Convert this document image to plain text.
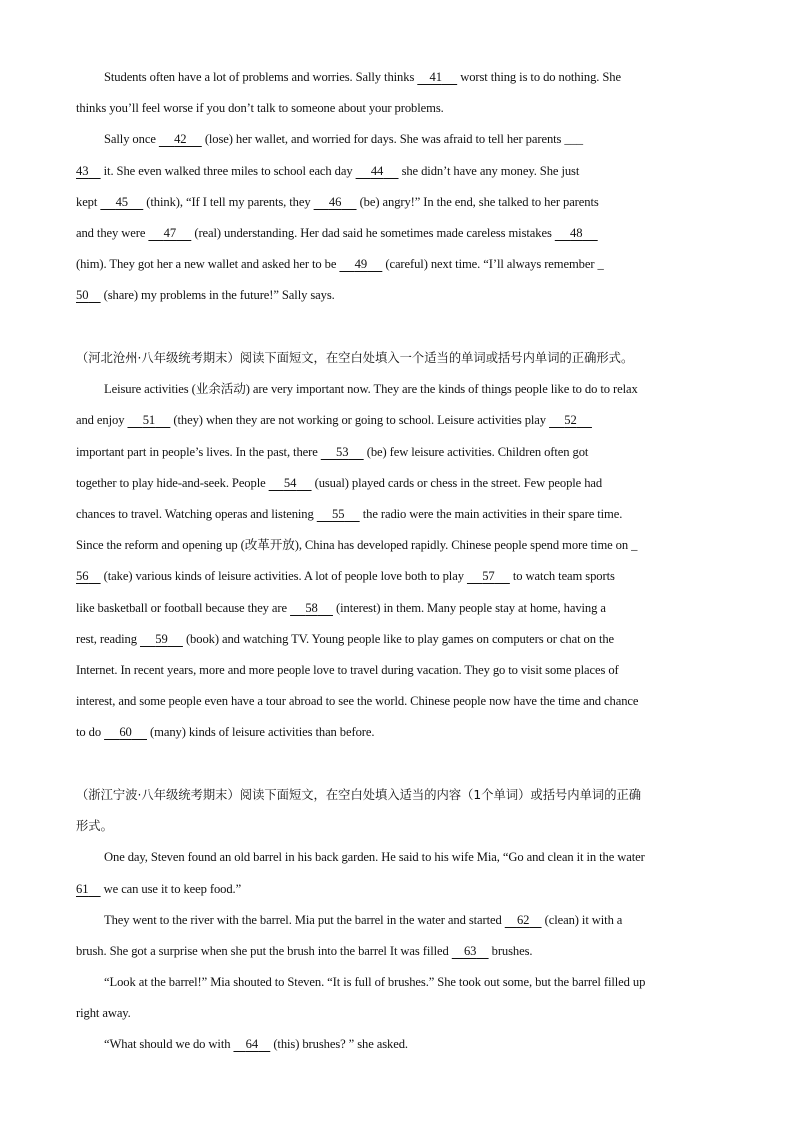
Students often have a lot of problems and worries. Sally thinks     41      worst thing is to do nothing. She
thinks you’ll feel worse if you don’t talk to someone about your problems.
Sally once      42      (lose) her wallet, and worried for days. She was afraid to tell her parents ___
43     it. She even walked three miles to school each day      44      she didn’t have any money. She just
kept      45      (think), “If I tell my parents, they      46      (be) angry!” In the end, she talked to her parents
and they were      47      (real) understanding. Her dad said he sometimes made careless mistakes      48
(him). They got her a new wallet and asked her to be      49      (careful) next time. “I’ll always remember _
50     (share) my problems in the future!” Sally says.
（河北沧州·八年级统考期末）阅读下面短文，在空白处填入一个适当的单词或括号内单词的正确形式。
Leisure activities (业余活动) are very important now. They are the kinds of things people like to do to relax
and enjoy      51      (they) when they are not working or going to school. Leisure activities play      52
important part in people’s lives. In the past, there      53      (be) few leisure activities. Children often got
together to play hide-and-seek. People      54      (usual) played cards or chess in the street. Few people had
chances to travel. Watching operas and listening      55      the radio were the main activities in their spare time.
Since the reform and opening up (改革开放), China has developed rapidly. Chinese people spend more time on _
56     (take) various kinds of leisure activities. A lot of people love both to play      57      to watch team sports
like basketball or football because they are      58      (interest) in them. Many people stay at home, having a
rest, reading      59      (book) and watching TV. Young people like to play games on computers or chat on the
Internet. In recent years, more and more people love to travel during vacation. They go to visit some places of
interest, and some people even have a tour abroad to see the world. Chinese people now have the time and chance
to do      60      (many) kinds of leisure activities than before.
（浙江宁波·八年级统考期末）阅读下面短文，在空白处填入适当的内容（1个单词）或括号内单词的正确
形式。
One day, Steven found an old barrel in his back garden. He said to his wife Mia, “Go and clean it in the water
61     we can use it to keep food.”
They went to the river with the barrel. Mia put the barrel in the water and started     62     (clean) it with a
brush. She got a surprise when she put the brush into the barrel It was filled     63     brushes.
“Look at the barrel!” Mia shouted to Steven. “It is full of brushes.” She took out some, but the barrel filled up
right away.
“What should we do with     64     (this) brushes? ” she asked.
